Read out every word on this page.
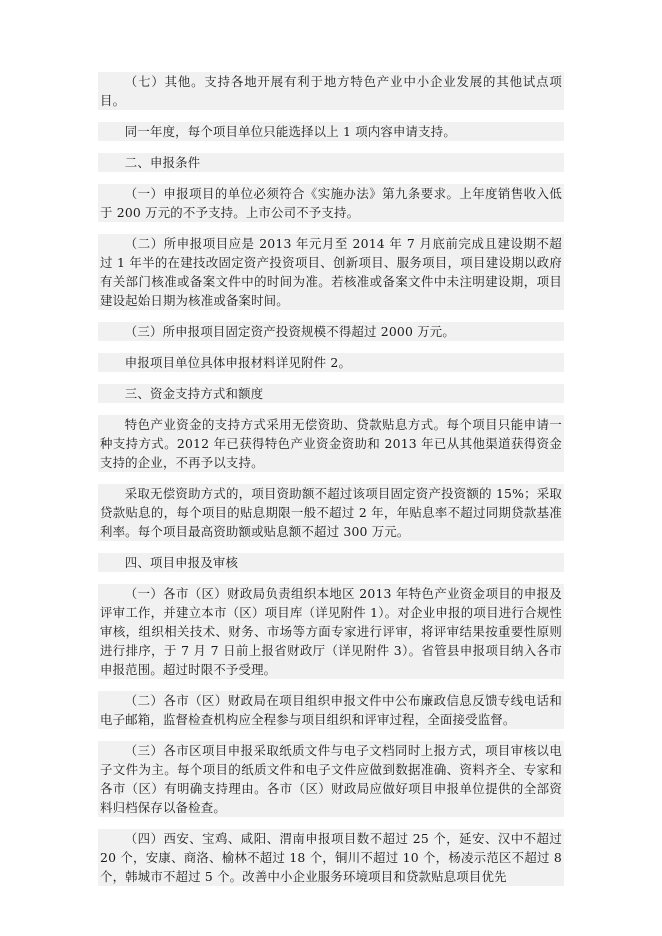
（七）其他。支持各地开展有利于地方特色产业中小企业发展的其他试点项目。

同一年度，每个项目单位只能选择以上 1 项内容申请支持。

二、申报条件

（一）申报项目的单位必须符合《实施办法》第九条要求。上年度销售收入低于 200 万元的不予支持。上市公司不予支持。

（二）所申报项目应是 2013 年元月至 2014 年 7 月底前完成且建设期不超过 1 年半的在建技改固定资产投资项目、创新项目、服务项目，项目建设期以政府有关部门核准或备案文件中的时间为准。若核准或备案文件中未注明建设期，项目建设起始日期为核准或备案时间。

（三）所申报项目固定资产投资规模不得超过 2000 万元。

申报项目单位具体申报材料详见附件 2。

三、资金支持方式和额度

特色产业资金的支持方式采用无偿资助、贷款贴息方式。每个项目只能申请一种支持方式。2012 年已获得特色产业资金资助和 2013 年已从其他渠道获得资金支持的企业，不再予以支持。

采取无偿资助方式的，项目资助额不超过该项目固定资产投资额的 15%；采取贷款贴息的，每个项目的贴息期限一般不超过 2 年，年贴息率不超过同期贷款基准利率。每个项目最高资助额或贴息额不超过 300 万元。

四、项目申报及审核

（一）各市（区）财政局负责组织本地区 2013 年特色产业资金项目的申报及评审工作，并建立本市（区）项目库（详见附件 1）。对企业申报的项目进行合规性审核，组织相关技术、财务、市场等方面专家进行评审，将评审结果按重要性原则进行排序，于 7 月 7 日前上报省财政厅（详见附件 3）。省管县申报项目纳入各市申报范围。超过时限不予受理。

（二）各市（区）财政局在项目组织申报文件中公布廉政信息反馈专线电话和电子邮箱，监督检查机构应全程参与项目组织和评审过程，全面接受监督。

（三）各市区项目申报采取纸质文件与电子文档同时上报方式，项目审核以电子文件为主。每个项目的纸质文件和电子文件应做到数据准确、资料齐全、专家和各市（区）有明确支持理由。各市（区）财政局应做好项目申报单位提供的全部资料归档保存以备检查。

（四）西安、宝鸡、咸阳、渭南申报项目数不超过 25 个，延安、汉中不超过 20 个，安康、商洛、榆林不超过 18 个，铜川不超过 10 个，杨凌示范区不超过 8 个，韩城市不超过 5 个。改善中小企业服务环境项目和贷款贴息项目优先
